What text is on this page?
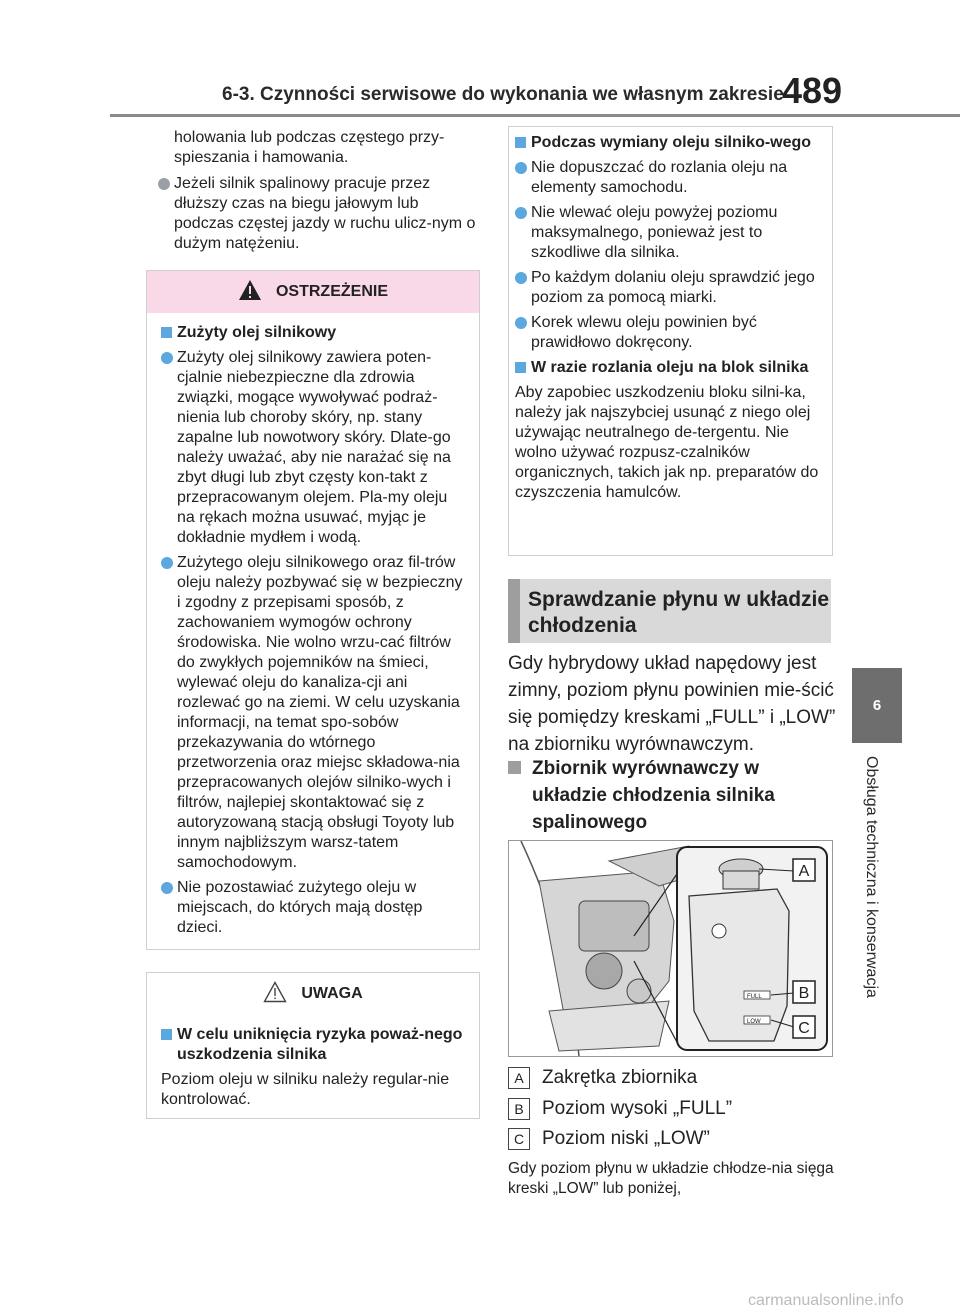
6-3. Czynności serwisowe do wykonania we własnym zakresie
489
6
Obsługa techniczna i konserwacja

holowania lub podczas częstego przy-spieszania i hamowania.

Jeżeli silnik spalinowy pracuje przez dłuższy czas na biegu jałowym lub podczas częstej jazdy w ruchu ulicz-nym o dużym natężeniu.
OSTRZEŻENIE
Zużyty olej silnikowy
Zużyty olej silnikowy zawiera poten-cjalnie niebezpieczne dla zdrowia związki, mogące wywoływać podraż-nienia lub choroby skóry, np. stany zapalne lub nowotwory skóry. Dlate-go należy uważać, aby nie narażać się na zbyt długi lub zbyt częsty kon-takt z przepracowanym olejem. Pla-my oleju na rękach można usuwać, myjąc je dokładnie mydłem i wodą.
Zużytego oleju silnikowego oraz fil-trów oleju należy pozbywać się w bezpieczny i zgodny z przepisami sposób, z zachowaniem wymogów ochrony środowiska. Nie wolno wrzu-cać filtrów do zwykłych pojemników na śmieci, wylewać oleju do kanaliza-cji ani rozlewać go na ziemi. W celu uzyskania informacji, na temat spo-sobów przekazywania do wtórnego przetworzenia oraz miejsc składowa-nia przepracowanych olejów silniko-wych i filtrów, najlepiej skontaktować się z autoryzowaną stacją obsługi Toyoty lub innym najbliższym warsz-tatem samochodowym.
Nie pozostawiać zużytego oleju w miejscach, do których mają dostęp dzieci.
UWAGA
W celu uniknięcia ryzyka poważ-nego uszkodzenia silnika

Poziom oleju w silniku należy regular-nie kontrolować.

Podczas wymiany oleju silniko-wego
Nie dopuszczać do rozlania oleju na elementy samochodu.
Nie wlewać oleju powyżej poziomu maksymalnego, ponieważ jest to szkodliwe dla silnika.
Po każdym dolaniu oleju sprawdzić jego poziom za pomocą miarki.
Korek wlewu oleju powinien być prawidłowo dokręcony.
W razie rozlania oleju na blok silnika

Aby zapobiec uszkodzeniu bloku silni-ka, należy jak najszybciej usunąć z niego olej używając neutralnego de-tergentu. Nie wolno używać rozpusz-czalników organicznych, takich jak np. preparatów do czyszczenia hamulców.

Sprawdzanie płynu w układzie chłodzenia
Gdy hybrydowy układ napędowy jest zimny, poziom płynu powinien mie-ścić się pomiędzy kreskami „FULL” i „LOW” na zbiorniku wyrównawczym.
Zbiornik wyrównawczy w układzie chłodzenia silnika spalinowego
FULL
LOW
A
B
C
A Zakrętka zbiornika
B Poziom wysoki „FULL”
C Poziom niski „LOW”
Gdy poziom płynu w układzie chłodze-nia sięga kreski „LOW” lub poniżej,
carmanualsonline.info
